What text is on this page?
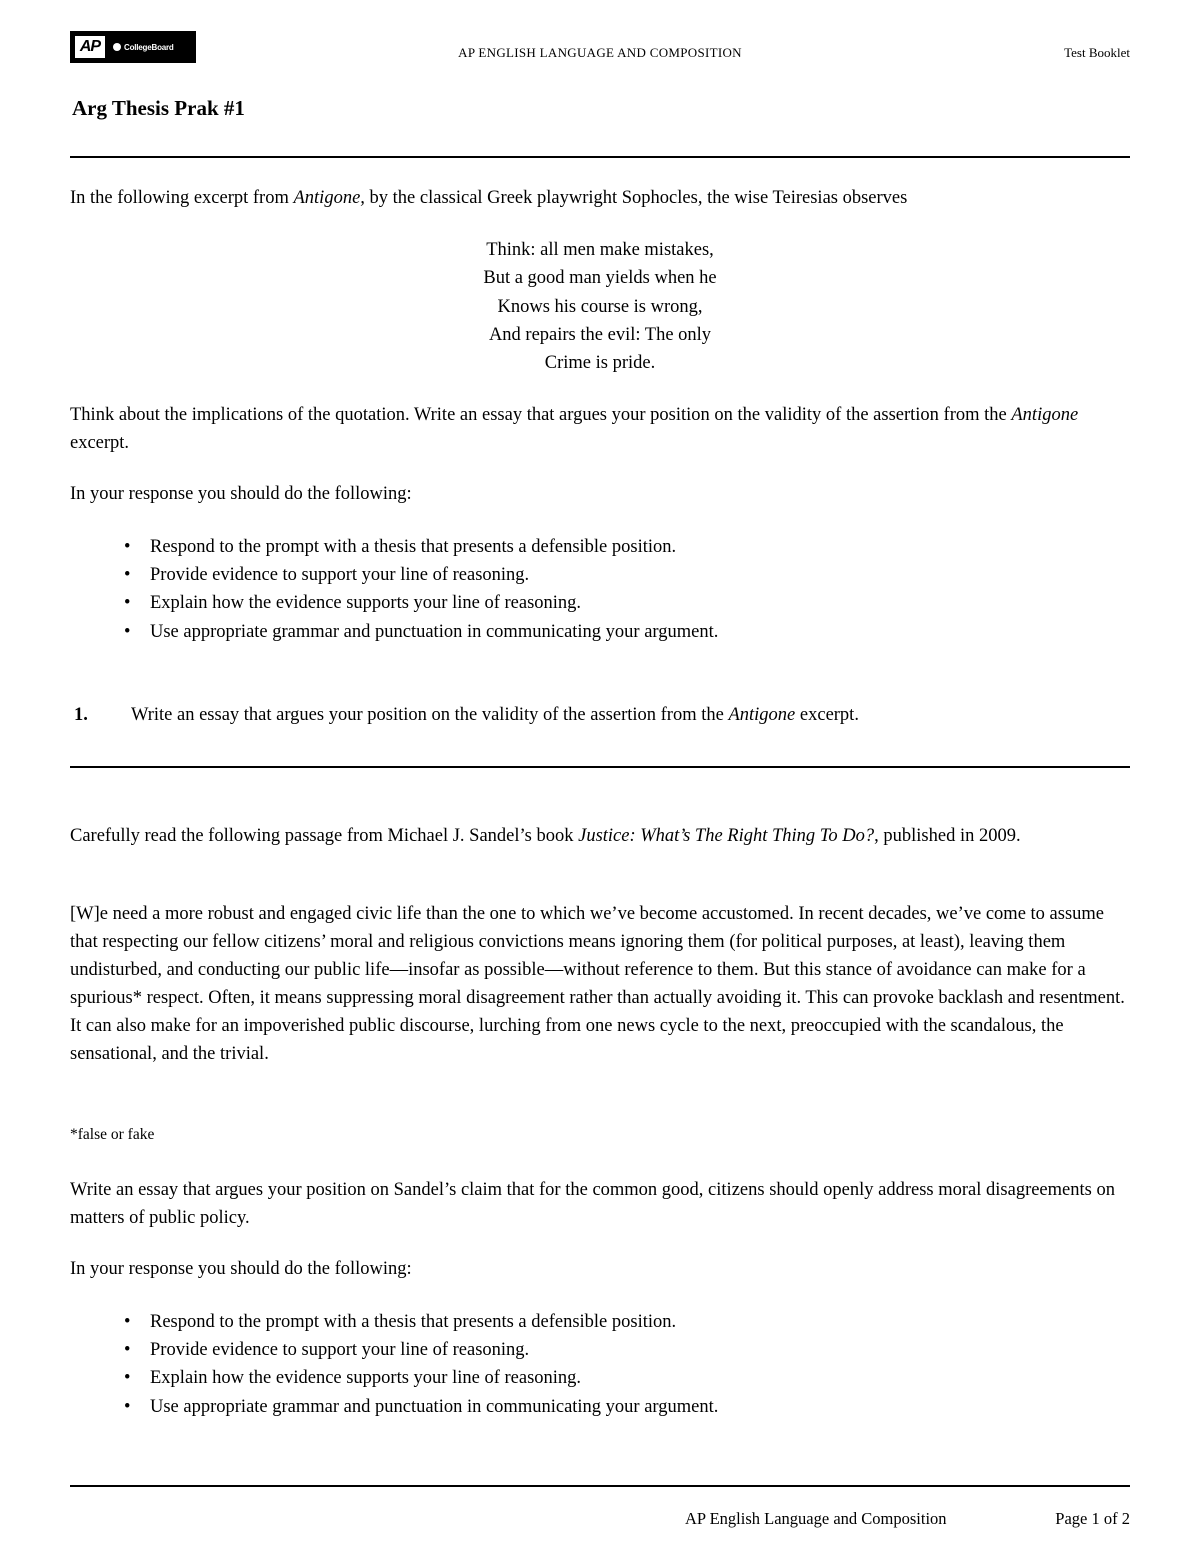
AP	CollegeBoard	AP ENGLISH LANGUAGE AND COMPOSITION	Test Booklet
Arg Thesis Prak #1

In the following excerpt from Antigone, by the classical Greek playwright Sophocles, the wise Teiresias observes

Think: all men make mistakes,
But a good man yields when he
Knows his course is wrong,
And repairs the evil: The only
Crime is pride.

Think about the implications of the quotation. Write an essay that argues your position on the validity of the assertion from the Antigone excerpt.

In your response you should do the following:

• Respond to the prompt with a thesis that presents a defensible position.
• Provide evidence to support your line of reasoning.
• Explain how the evidence supports your line of reasoning.
• Use appropriate grammar and punctuation in communicating your argument.
1. Write an essay that argues your position on the validity of the assertion from the Antigone excerpt.

Carefully read the following passage from Michael J. Sandel’s book Justice: What’s The Right Thing To Do?, published in 2009.

[W]e need a more robust and engaged civic life than the one to which we’ve become accustomed. In recent decades, we’ve come to assume that respecting our fellow citizens’ moral and religious convictions means ignoring them (for political purposes, at least), leaving them undisturbed, and conducting our public life—insofar as possible—without reference to them. But this stance of avoidance can make for a spurious* respect. Often, it means suppressing moral disagreement rather than actually avoiding it. This can provoke backlash and resentment. It can also make for an impoverished public discourse, lurching from one news cycle to the next, preoccupied with the scandalous, the sensational, and the trivial.

*false or fake

Write an essay that argues your position on Sandel’s claim that for the common good, citizens should openly address moral disagreements on matters of public policy.

In your response you should do the following:

• Respond to the prompt with a thesis that presents a defensible position.
• Provide evidence to support your line of reasoning.
• Explain how the evidence supports your line of reasoning.
• Use appropriate grammar and punctuation in communicating your argument.
AP English Language and Composition	Page 1 of 2
